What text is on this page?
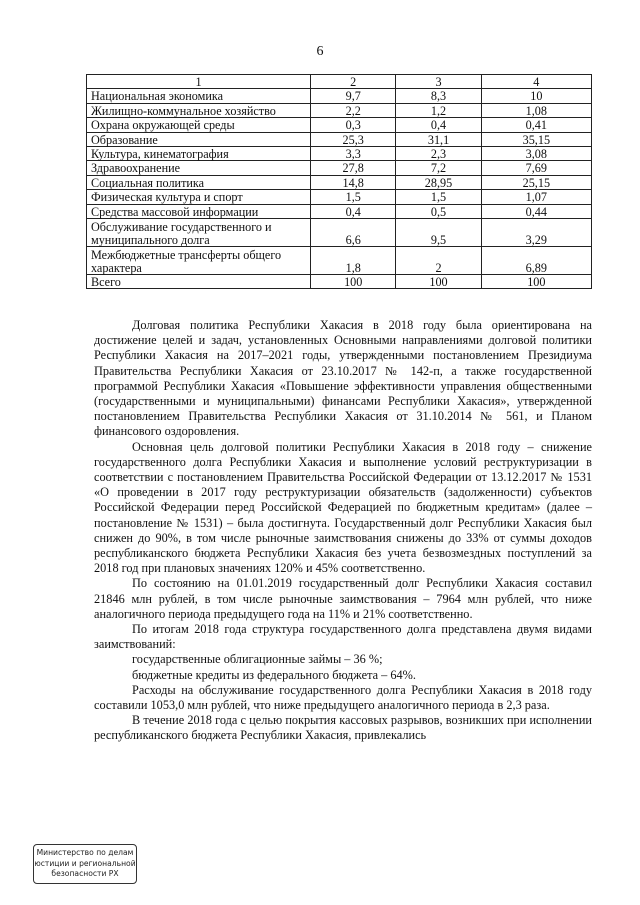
6
1	2	3	4
Национальная экономика	9,7	8,3	10
Жилищно-коммунальное хозяйство	2,2	1,2	1,08
Охрана окружающей среды	0,3	0,4	0,41
Образование	25,3	31,1	35,15
Культура, кинематография	3,3	2,3	3,08
Здравоохранение	27,8	7,2	7,69
Социальная политика	14,8	28,95	25,15
Физическая культура и спорт	1,5	1,5	1,07
Средства массовой информации	0,4	0,5	0,44
Обслуживание государственного и муниципального долга	6,6	9,5	3,29
Межбюджетные трансферты общего характера	1,8	2	6,89
Всего	100	100	100

Долговая политика Республики Хакасия в 2018 году была ориентирована на достижение целей и задач, установленных Основными направлениями долговой политики Республики Хакасия на 2017–2021 годы, утвержденными постановлением Президиума Правительства Республики Хакасия от 23.10.2017 № 142-п, а также государственной программой Республики Хакасия «Повышение эффективности управления общественными (государственными и муниципальными) финансами Республики Хакасия», утвержденной постановлением Правительства Республики Хакасия от 31.10.2014 № 561, и Планом финансового оздоровления.

Основная цель долговой политики Республики Хакасия в 2018 году – снижение государственного долга Республики Хакасия и выполнение условий реструктуризации в соответствии с постановлением Правительства Российской Федерации от 13.12.2017 № 1531 «О проведении в 2017 году реструктуризации обязательств (задолженности) субъектов Российской Федерации перед Российской Федерацией по бюджетным кредитам» (далее – постановление № 1531) – была достигнута. Государственный долг Республики Хакасия был снижен до 90%, в том числе рыночные заимствования снижены до 33% от суммы доходов республиканского бюджета Республики Хакасия без учета безвозмездных поступлений за 2018 год при плановых значениях 120% и 45% соответственно.

По состоянию на 01.01.2019 государственный долг Республики Хакасия составил 21846 млн рублей, в том числе рыночные заимствования – 7964 млн рублей, что ниже аналогичного периода предыдущего года на 11% и 21% соответственно.

По итогам 2018 года структура государственного долга представлена двумя видами заимствований:

государственные облигационные займы – 36 %;

бюджетные кредиты из федерального бюджета – 64%.

Расходы на обслуживание государственного долга Республики Хакасия в 2018 году составили 1053,0 млн рублей, что ниже предыдущего аналогичного периода в 2,3 раза.

В течение 2018 года с целью покрытия кассовых разрывов, возникших при исполнении республиканского бюджета Республики Хакасия, привлекались

Министерство по делам
юстиции и региональной
безопасности РХ
